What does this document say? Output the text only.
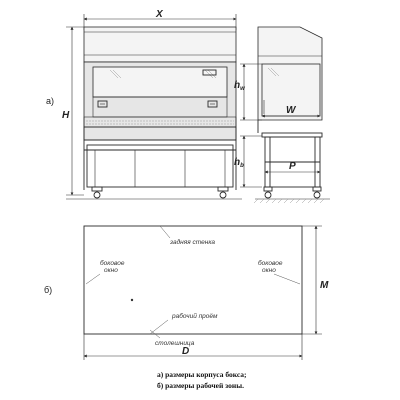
X
H
$h_w$
$h_b$
W
P
а)
M
D
задняя стенка
боковое
окно
боковое
окно
рабочий проём
столешница
б)
а) размеры корпуса бокса;
б) размеры рабочей зоны.
